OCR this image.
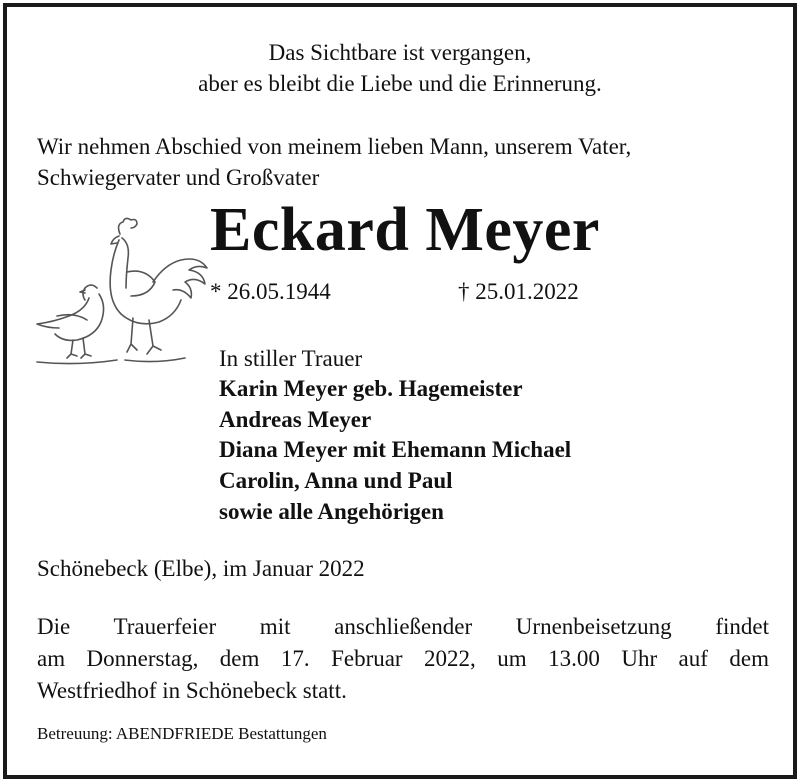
Das Sichtbare ist vergangen,
aber es bleibt die Liebe und die Erinnerung.
Wir nehmen Abschied von meinem lieben Mann, unserem Vater,
Schwiegervater und Großvater
Eckard Meyer
* 26.05.1944	† 25.01.2022
In stiller Trauer
Karin Meyer geb. Hagemeister
Andreas Meyer
Diana Meyer mit Ehemann Michael
Carolin, Anna und Paul
sowie alle Angehörigen
Schönebeck (Elbe), im Januar 2022
Die Trauerfeier mit anschließender Urnenbeisetzung findet
am Donnerstag, dem 17. Februar 2022, um 13.00 Uhr auf dem
Westfriedhof in Schönebeck statt.
Betreuung: ABENDFRIEDE Bestattungen
